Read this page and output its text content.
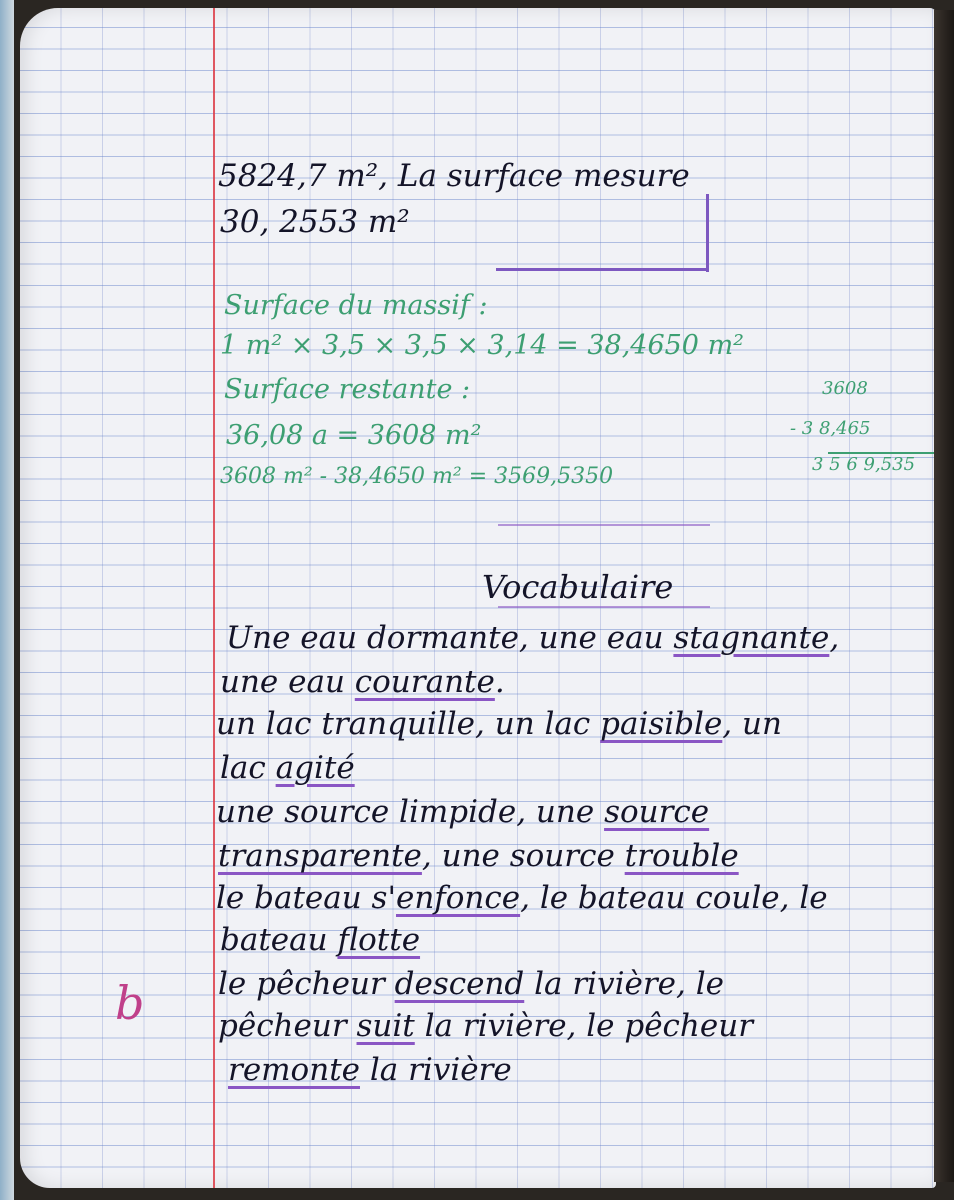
5824,7 m², La surface mesure

30, 2553 m²

Surface du massif :

1 m² × 3,5 × 3,5 × 3,14 = 38,4650 m²

Surface restante :

36,08 a = 3608 m²

3608 m² - 38,4650 m² = 3569,5350

3608

- 3 8,465

3 5 6 9,535

Vocabulaire

Une eau dormante, une eau stagnante,

une eau courante.

un lac tranquille, un lac paisible, un

lac agité

une source limpide, une source

transparente, une source trouble

le bateau s'enfonce, le bateau coule, le

bateau flotte

le pêcheur descend la rivière, le

pêcheur suit la rivière, le pêcheur

remonte la rivière

b
